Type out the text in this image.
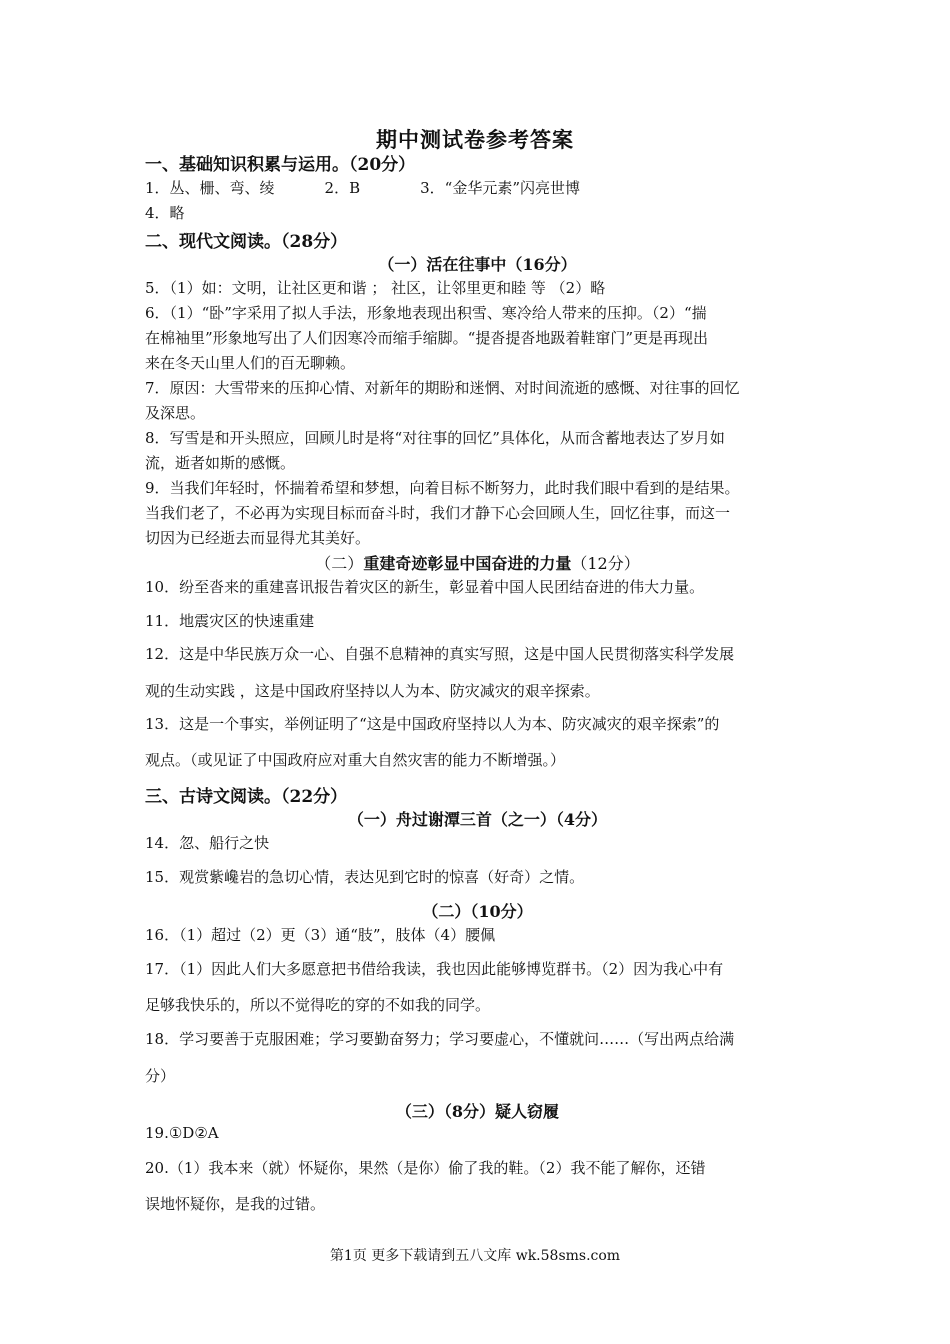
期中测试卷参考答案
一、基础知识积累与运用。（20分）
1．丛、栅、弯、绫	2．B	3．“金华元素”闪亮世博
4．略
二、现代文阅读。（28分）
（一）活在往事中（16分）
5．（1）如：文明，让社区更和谐 ； 社区，让邻里更和睦 等 （2）略
6．（1）“卧”字采用了拟人手法，形象地表现出积雪、寒冷给人带来的压抑。（2）“揣
在棉袖里”形象地写出了人们因寒冷而缩手缩脚。“提沓提沓地趿着鞋窜门”更是再现出
来在冬天山里人们的百无聊赖。
7．原因：大雪带来的压抑心情、对新年的期盼和迷惘、对时间流逝的感慨、对往事的回忆
及深思。
8．写雪是和开头照应，回顾儿时是将“对往事的回忆”具体化，从而含蓄地表达了岁月如
流，逝者如斯的感慨。
9．当我们年轻时，怀揣着希望和梦想，向着目标不断努力，此时我们眼中看到的是结果。
当我们老了，不必再为实现目标而奋斗时，我们才静下心会回顾人生，回忆往事，而这一
切因为已经逝去而显得尤其美好。
（二）重建奇迹彰显中国奋进的力量（12分）
10．纷至沓来的重建喜讯报告着灾区的新生，彰显着中国人民团结奋进的伟大力量。
11．地震灾区的快速重建
12．这是中华民族万众一心、自强不息精神的真实写照，这是中国人民贯彻落实科学发展
观的生动实践 ，这是中国政府坚持以人为本、防灾减灾的艰辛探索。
13．这是一个事实，举例证明了“这是中国政府坚持以人为本、防灾减灾的艰辛探索”的
观点。（或见证了中国政府应对重大自然灾害的能力不断增强。）
三、古诗文阅读。（22分）
（一）舟过谢潭三首（之一）（4分）
14．忽、船行之快
15．观赏紫巉岩的急切心情，表达见到它时的惊喜（好奇）之情。
（二）（10分）
16．（1）超过（2）更（3）通“肢”，肢体（4）腰佩
17．（1）因此人们大多愿意把书借给我读，我也因此能够博览群书。（2）因为我心中有
足够我快乐的，所以不觉得吃的穿的不如我的同学。
18．学习要善于克服困难；学习要勤奋努力；学习要虚心，不懂就问……（写出两点给满
分）
（三）（8分）疑人窃履
19.①D②A
20.（1）我本来（就）怀疑你，果然（是你）偷了我的鞋。（2）我不能了解你，还错
误地怀疑你，是我的过错。
第1页 更多下载请到五八文库 wk.58sms.com
